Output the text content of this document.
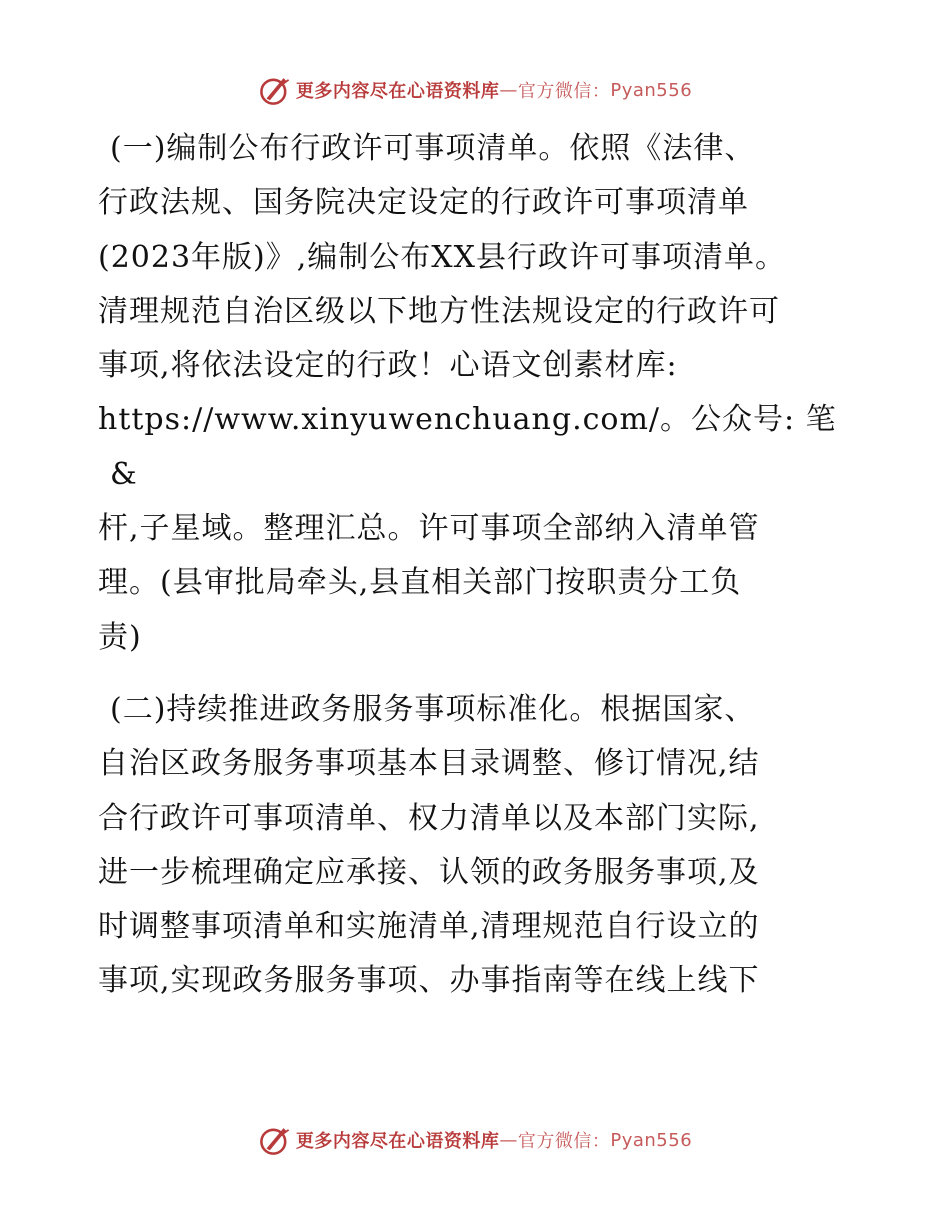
更多内容尽在心语资料库 — 官方微信： Pyan556

(一)编制公布行政许可事项清单。依照《法律、
行政法规、国务院决定设定的行政许可事项清单
(2023年版)》,编制公布XX县行政许可事项清单。
清理规范自治区级以下地方性法规设定的行政许可
事项,将依法设定的行政！心语文创素材库:
https://www.xinyuwenchuang.com/。公众号: 笔&
杆,子星域。整理汇总。许可事项全部纳入清单管
理。(县审批局牵头,县直相关部门按职责分工负
责)

(二)持续推进政务服务事项标准化。根据国家、
自治区政务服务事项基本目录调整、修订情况,结
合行政许可事项清单、权力清单以及本部门实际,
进一步梳理确定应承接、认领的政务服务事项,及
时调整事项清单和实施清单,清理规范自行设立的
事项,实现政务服务事项、办事指南等在线上线下

更多内容尽在心语资料库 — 官方微信： Pyan556
